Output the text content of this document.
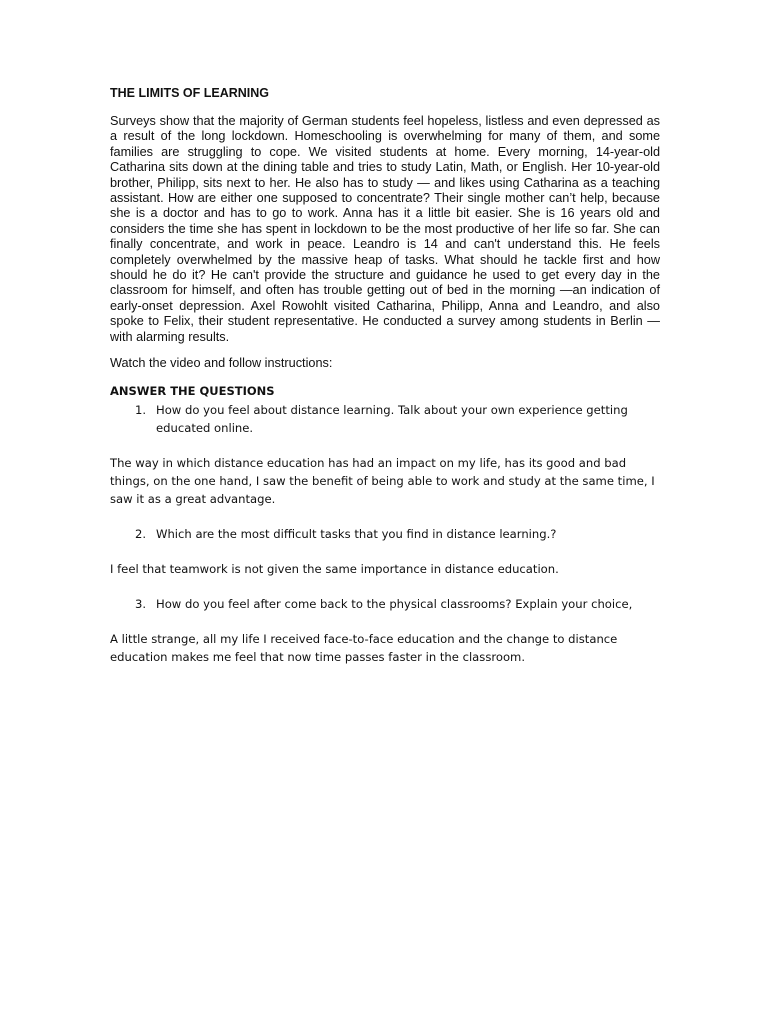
THE LIMITS OF LEARNING

Surveys show that the majority of German students feel hopeless, listless and even depressed as a result of the long lockdown. Homeschooling is overwhelming for many of them, and some families are struggling to cope. We visited students at home. Every morning, 14-year-old Catharina sits down at the dining table and tries to study Latin, Math, or English. Her 10-year-old brother, Philipp, sits next to her. He also has to study — and likes using Catharina as a teaching assistant. How are either one supposed to concentrate? Their single mother can’t help, because she is a doctor and has to go to work. Anna has it a little bit easier. She is 16 years old and considers the time she has spent in lockdown to be the most productive of her life so far. She can finally concentrate, and work in peace. Leandro is 14 and can't understand this. He feels completely overwhelmed by the massive heap of tasks. What should he tackle first and how should he do it? He can't provide the structure and guidance he used to get every day in the classroom for himself, and often has trouble getting out of bed in the morning —an indication of early-onset depression. Axel Rowohlt visited Catharina, Philipp, Anna and Leandro, and also spoke to Felix, their student representative. He conducted a survey among students in Berlin — with alarming results.

Watch the video and follow instructions:

ANSWER THE QUESTIONS
1. How do you feel about distance learning. Talk about your own experience getting educated online.

The way in which distance education has had an impact on my life, has its good and bad things, on the one hand, I saw the benefit of being able to work and study at the same time, I saw it as a great advantage.

2. Which are the most difficult tasks that you find in distance learning.?

I feel that teamwork is not given the same importance in distance education.

3. How do you feel after come back to the physical classrooms? Explain your choice,

A little strange, all my life I received face-to-face education and the change to distance education makes me feel that now time passes faster in the classroom.
